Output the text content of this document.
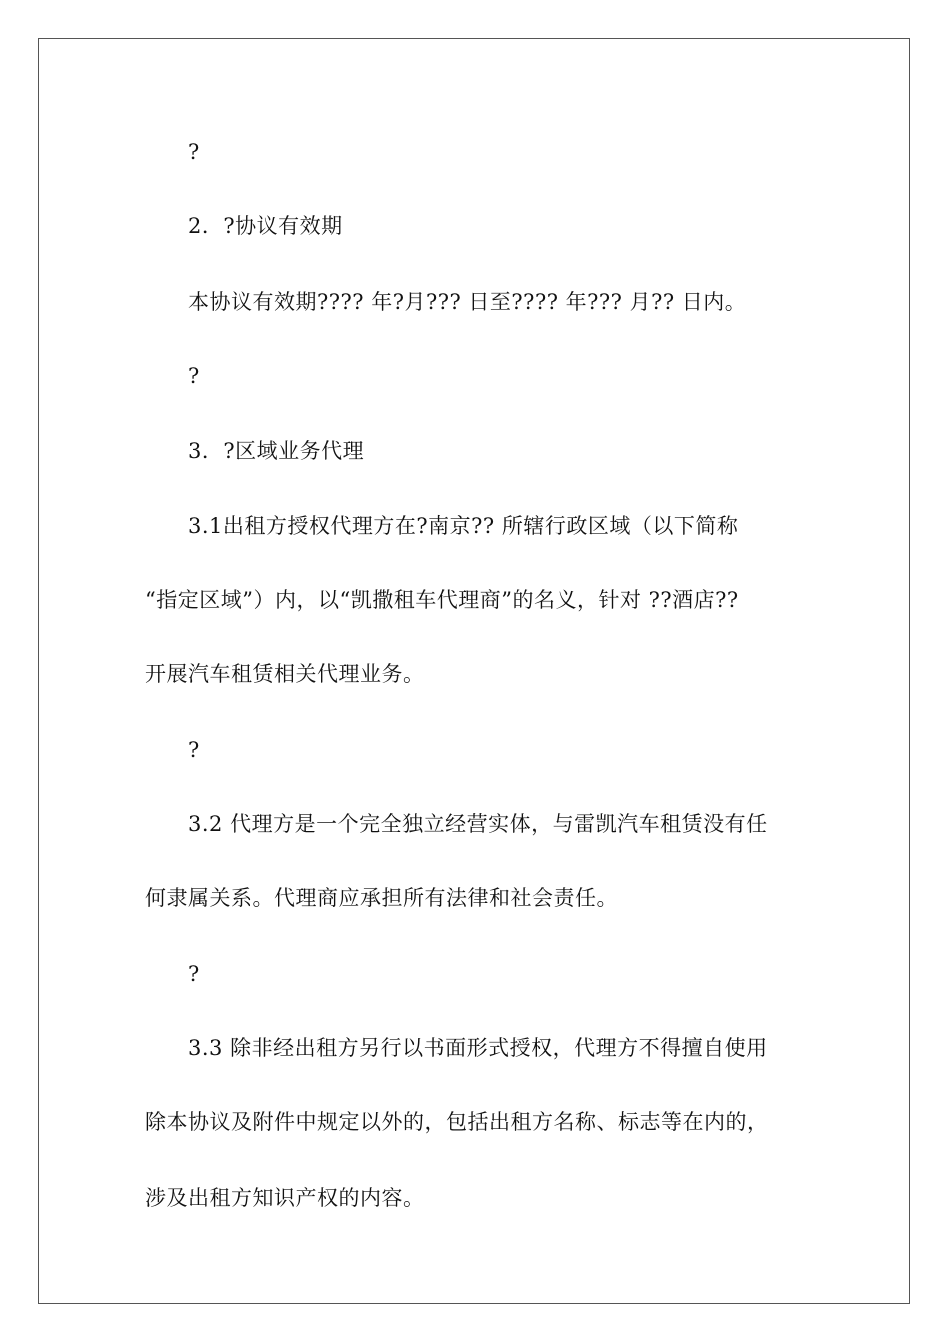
?
2．?协议有效期
本协议有效期???? 年?月??? 日至???? 年??? 月?? 日内。
?
3．?区域业务代理
3.1出租方授权代理方在?南京?? 所辖行政区域（以下简称
“指定区域”）内，以“凯撒租车代理商”的名义，针对 ??酒店??
开展汽车租赁相关代理业务。
?
3.2 代理方是一个完全独立经营实体，与雷凯汽车租赁没有任
何隶属关系。代理商应承担所有法律和社会责任。
?
3.3 除非经出租方另行以书面形式授权，代理方不得擅自使用
除本协议及附件中规定以外的，包括出租方名称、标志等在内的，
涉及出租方知识产权的内容。
